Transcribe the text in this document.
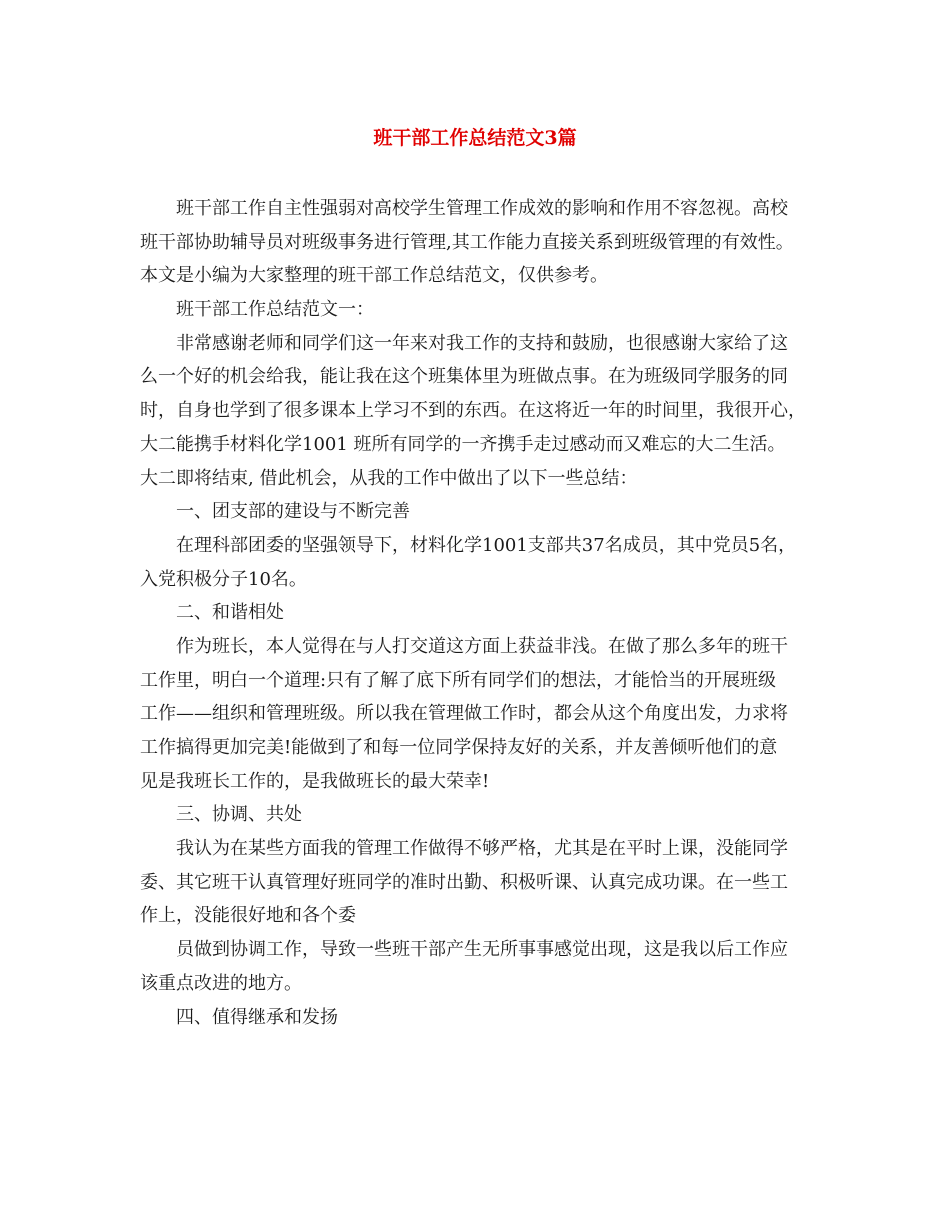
班干部工作总结范文3篇

班干部工作自主性强弱对高校学生管理工作成效的影响和作用不容忽视。高校

班干部协助辅导员对班级事务进行管理,其工作能力直接关系到班级管理的有效性。

本文是小编为大家整理的班干部工作总结范文，仅供参考。

班干部工作总结范文一：

非常感谢老师和同学们这一年来对我工作的支持和鼓励，也很感谢大家给了这

么一个好的机会给我，能让我在这个班集体里为班做点事。在为班级同学服务的同

时，自身也学到了很多课本上学习不到的东西。在这将近一年的时间里，我很开心，

大二能携手材料化学1001 班所有同学的一齐携手走过感动而又难忘的大二生活。

大二即将结束, 借此机会，从我的工作中做出了以下一些总结：

一、团支部的建设与不断完善

在理科部团委的坚强领导下，材料化学1001支部共37名成员，其中党员5名，

入党积极分子10名。

二、和谐相处

作为班长，本人觉得在与人打交道这方面上获益非浅。在做了那么多年的班干

工作里，明白一个道理:只有了解了底下所有同学们的想法，才能恰当的开展班级

工作——组织和管理班级。所以我在管理做工作时，都会从这个角度出发，力求将

工作搞得更加完美!能做到了和每一位同学保持友好的关系，并友善倾听他们的意

见是我班长工作的，是我做班长的最大荣幸!

三、协调、共处

我认为在某些方面我的管理工作做得不够严格，尤其是在平时上课，没能同学

委、其它班干认真管理好班同学的准时出勤、积极听课、认真完成功课。在一些工

作上，没能很好地和各个委

员做到协调工作，导致一些班干部产生无所事事感觉出现，这是我以后工作应

该重点改进的地方。

四、值得继承和发扬
